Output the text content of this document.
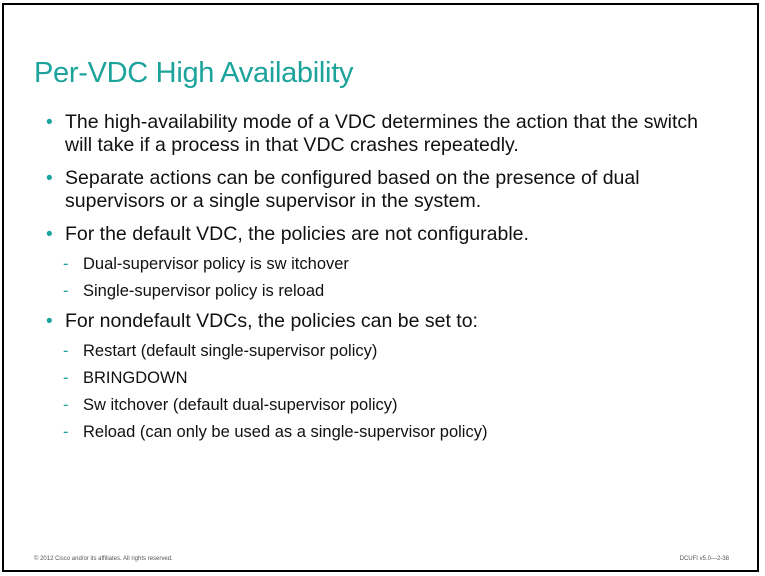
Per-VDC High Availability
• The high-availability mode of a VDC determines the action that the switch will take if a process in that VDC crashes repeatedly.
• Separate actions can be configured based on the presence of dual supervisors or a single supervisor in the system.
• For the default VDC, the policies are not configurable.
- Dual-supervisor policy is sw itchover
- Single-supervisor policy is reload
• For nondefault VDCs, the policies can be set to:
- Restart (default single-supervisor policy)
- BRINGDOWN
- Sw itchover (default dual-supervisor policy)
- Reload (can only be used as a single-supervisor policy)
© 2012 Cisco and/or its affiliates. All rights reserved.	DCUFI v5.0—2-38
